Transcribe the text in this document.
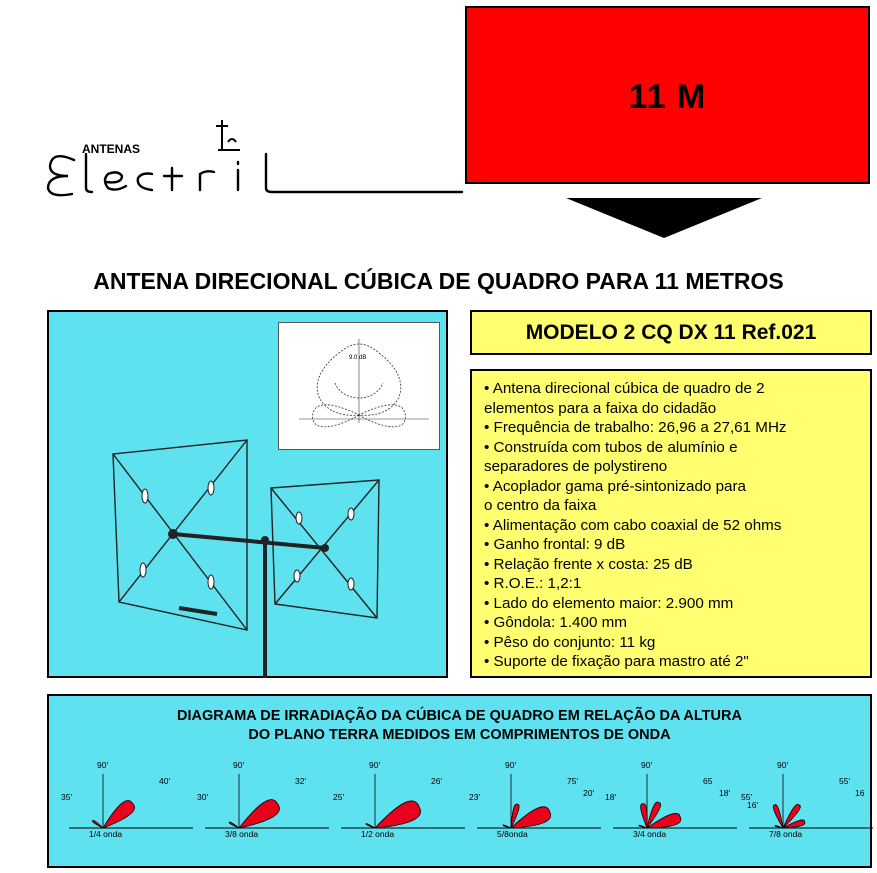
ANTENAS
11 M
ANTENA DIRECIONAL CÚBICA DE QUADRO PARA 11 METROS
9.0 dB
MODELO 2 CQ DX 11 Ref.021
• Antena direcional cúbica de quadro de 2
elementos para a faixa do cidadão
• Frequência de trabalho: 26,96 a 27,61 MHz
• Construída com tubos de alumínio e
separadores de polystireno
• Acoplador gama pré-sintonizado para
o centro da faixa
• Alimentação com cabo coaxial de 52 ohms
• Ganho frontal: 9 dB
• Relação frente x costa: 25 dB
• R.O.E.: 1,2:1
• Lado do elemento maior: 2.900 mm
• Gôndola: 1.400 mm
• Pêso do conjunto: 11 kg
• Suporte de fixação para mastro até 2"
DIAGRAMA DE IRRADIAÇÃO DA CÚBICA DE QUADRO EM RELAÇÃO DA ALTURA
DO PLANO TERRA MEDIDOS EM COMPRIMENTOS DE ONDA
1/4 onda
90'
40'
35'
3/8 onda
90'
32'
30'
1/2 onda
90'
26'
25'
5/8onda
90'
75'
23'	20'
3/4 onda
90'
65
18'	18'
7/8 onda
90'
55'
55'	16
16'
